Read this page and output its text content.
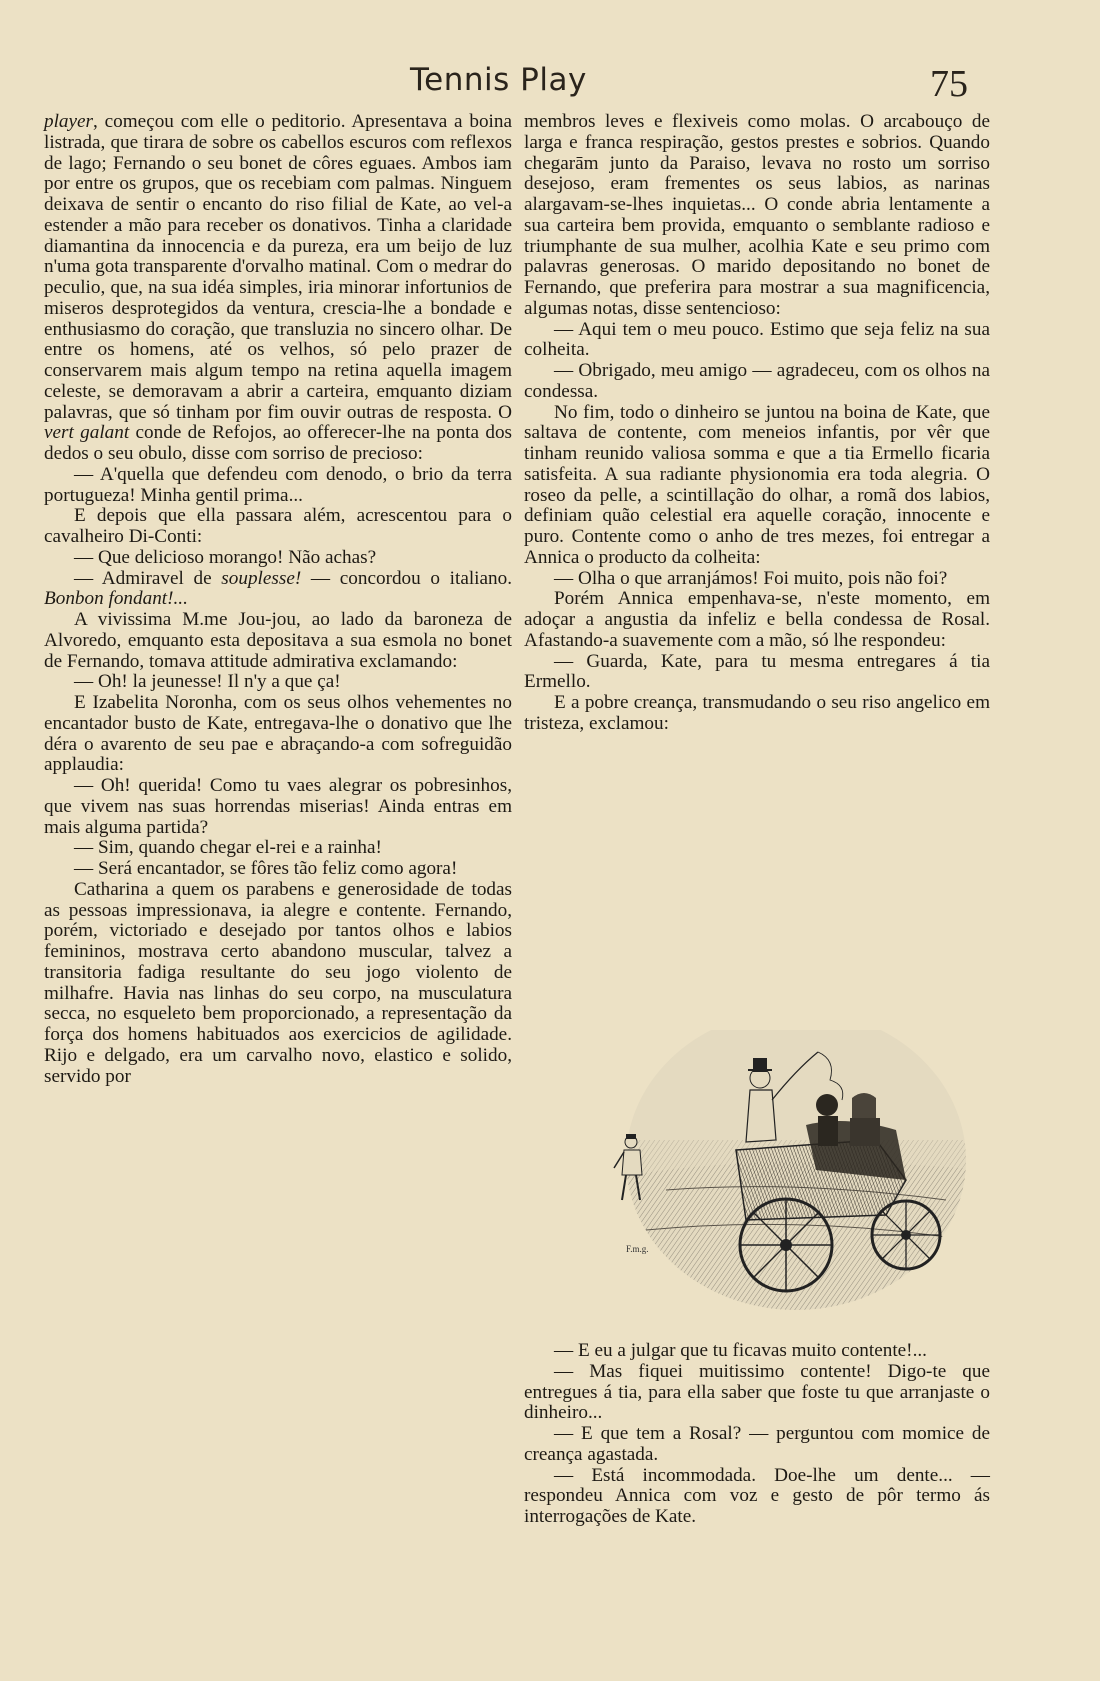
Tennis Play	75

player, começou com elle o peditorio. Apresentava a boina listrada, que tirara de sobre os cabellos escuros com reflexos de lago; Fernando o seu bonet de côres eguaes. Ambos iam por entre os grupos, que os recebiam com palmas. Ninguem deixava de sentir o encanto do riso filial de Kate, ao vel-a estender a mão para receber os donativos. Tinha a claridade diamantina da innocencia e da pureza, era um beijo de luz n'uma gota transparente d'orvalho matinal. Com o medrar do peculio, que, na sua idéa simples, iria minorar infortunios de miseros desprotegidos da ventura, crescia-lhe a bondade e enthusiasmo do coração, que transluzia no sincero olhar. De entre os homens, até os velhos, só pelo prazer de conservarem mais algum tempo na retina aquella imagem celeste, se demoravam a abrir a carteira, emquanto diziam palavras, que só tinham por fim ouvir outras de resposta. O vert galant conde de Refojos, ao offerecer-lhe na ponta dos dedos o seu obulo, disse com sorriso de precioso:

— A'quella que defendeu com denodo, o brio da terra portugueza! Minha gentil prima...

E depois que ella passara além, acrescentou para o cavalheiro Di-Conti:

— Que delicioso morango! Não achas?

— Admiravel de souplesse! — concordou o italiano. Bonbon fondant!...

A vivissima M.me Jou-jou, ao lado da baroneza de Alvoredo, emquanto esta depositava a sua esmola no bonet de Fernando, tomava attitude admirativa exclamando:

— Oh! la jeunesse! Il n'y a que ça!

E Izabelita Noronha, com os seus olhos vehementes no encantador busto de Kate, entregava-lhe o donativo que lhe déra o avarento de seu pae e abraçando-a com sofreguidão applaudia:

— Oh! querida! Como tu vaes alegrar os pobresinhos, que vivem nas suas horrendas miserias! Ainda entras em mais alguma partida?

— Sim, quando chegar el-rei e a rainha!

— Será encantador, se fôres tão feliz como agora!

Catharina a quem os parabens e generosidade de todas as pessoas impressionava, ia alegre e contente. Fernando, porém, victoriado e desejado por tantos olhos e labios femininos, mostrava certo abandono muscular, talvez a transitoria fadiga resultante do seu jogo violento de milhafre. Havia nas linhas do seu corpo, na musculatura secca, no esqueleto bem proporcionado, a representação da força dos homens habituados aos exercicios de agilidade. Rijo e delgado, era um carvalho novo, elastico e solido, servido por

membros leves e flexiveis como molas. O arcabouço de larga e franca respiração, gestos prestes e sobrios. Quando chegarām junto da Paraiso, levava no rosto um sorriso desejoso, eram frementes os seus labios, as narinas alargavam-se-lhes inquietas... O conde abria lentamente a sua carteira bem provida, emquanto o semblante radioso e triumphante de sua mulher, acolhia Kate e seu primo com palavras generosas. O marido depositando no bonet de Fernando, que preferira para mostrar a sua magnificencia, algumas notas, disse sentencioso:

— Aqui tem o meu pouco. Estimo que seja feliz na sua colheita.

— Obrigado, meu amigo — agradeceu, com os olhos na condessa.

No fim, todo o dinheiro se juntou na boina de Kate, que saltava de contente, com meneios infantis, por vêr que tinham reunido valiosa somma e que a tia Ermello ficaria satisfeita. A sua radiante physionomia era toda alegria. O roseo da pelle, a scintillação do olhar, a romã dos labios, definiam quão celestial era aquelle coração, innocente e puro. Contente como o anho de tres mezes, foi entregar a Annica o producto da colheita:

— Olha o que arranjámos! Foi muito, pois não foi?

Porém Annica empenhava-se, n'este momento, em adoçar a angustia da infeliz e bella condessa de Rosal. Afastando-a suavemente com a mão, só lhe respondeu:

— Guarda, Kate, para tu mesma entregares á tia Ermello.

E a pobre creança, transmudando o seu riso angelico em tristeza, exclamou:

F.m.g.

— E eu a julgar que tu ficavas muito contente!...

— Mas fiquei muitissimo contente! Digo-te que entregues á tia, para ella saber que foste tu que arranjaste o dinheiro...

— E que tem a Rosal? — perguntou com momice de creança agastada.

— Está incommodada. Doe-lhe um dente... — respondeu Annica com voz e gesto de pôr termo ás interrogações de Kate.
